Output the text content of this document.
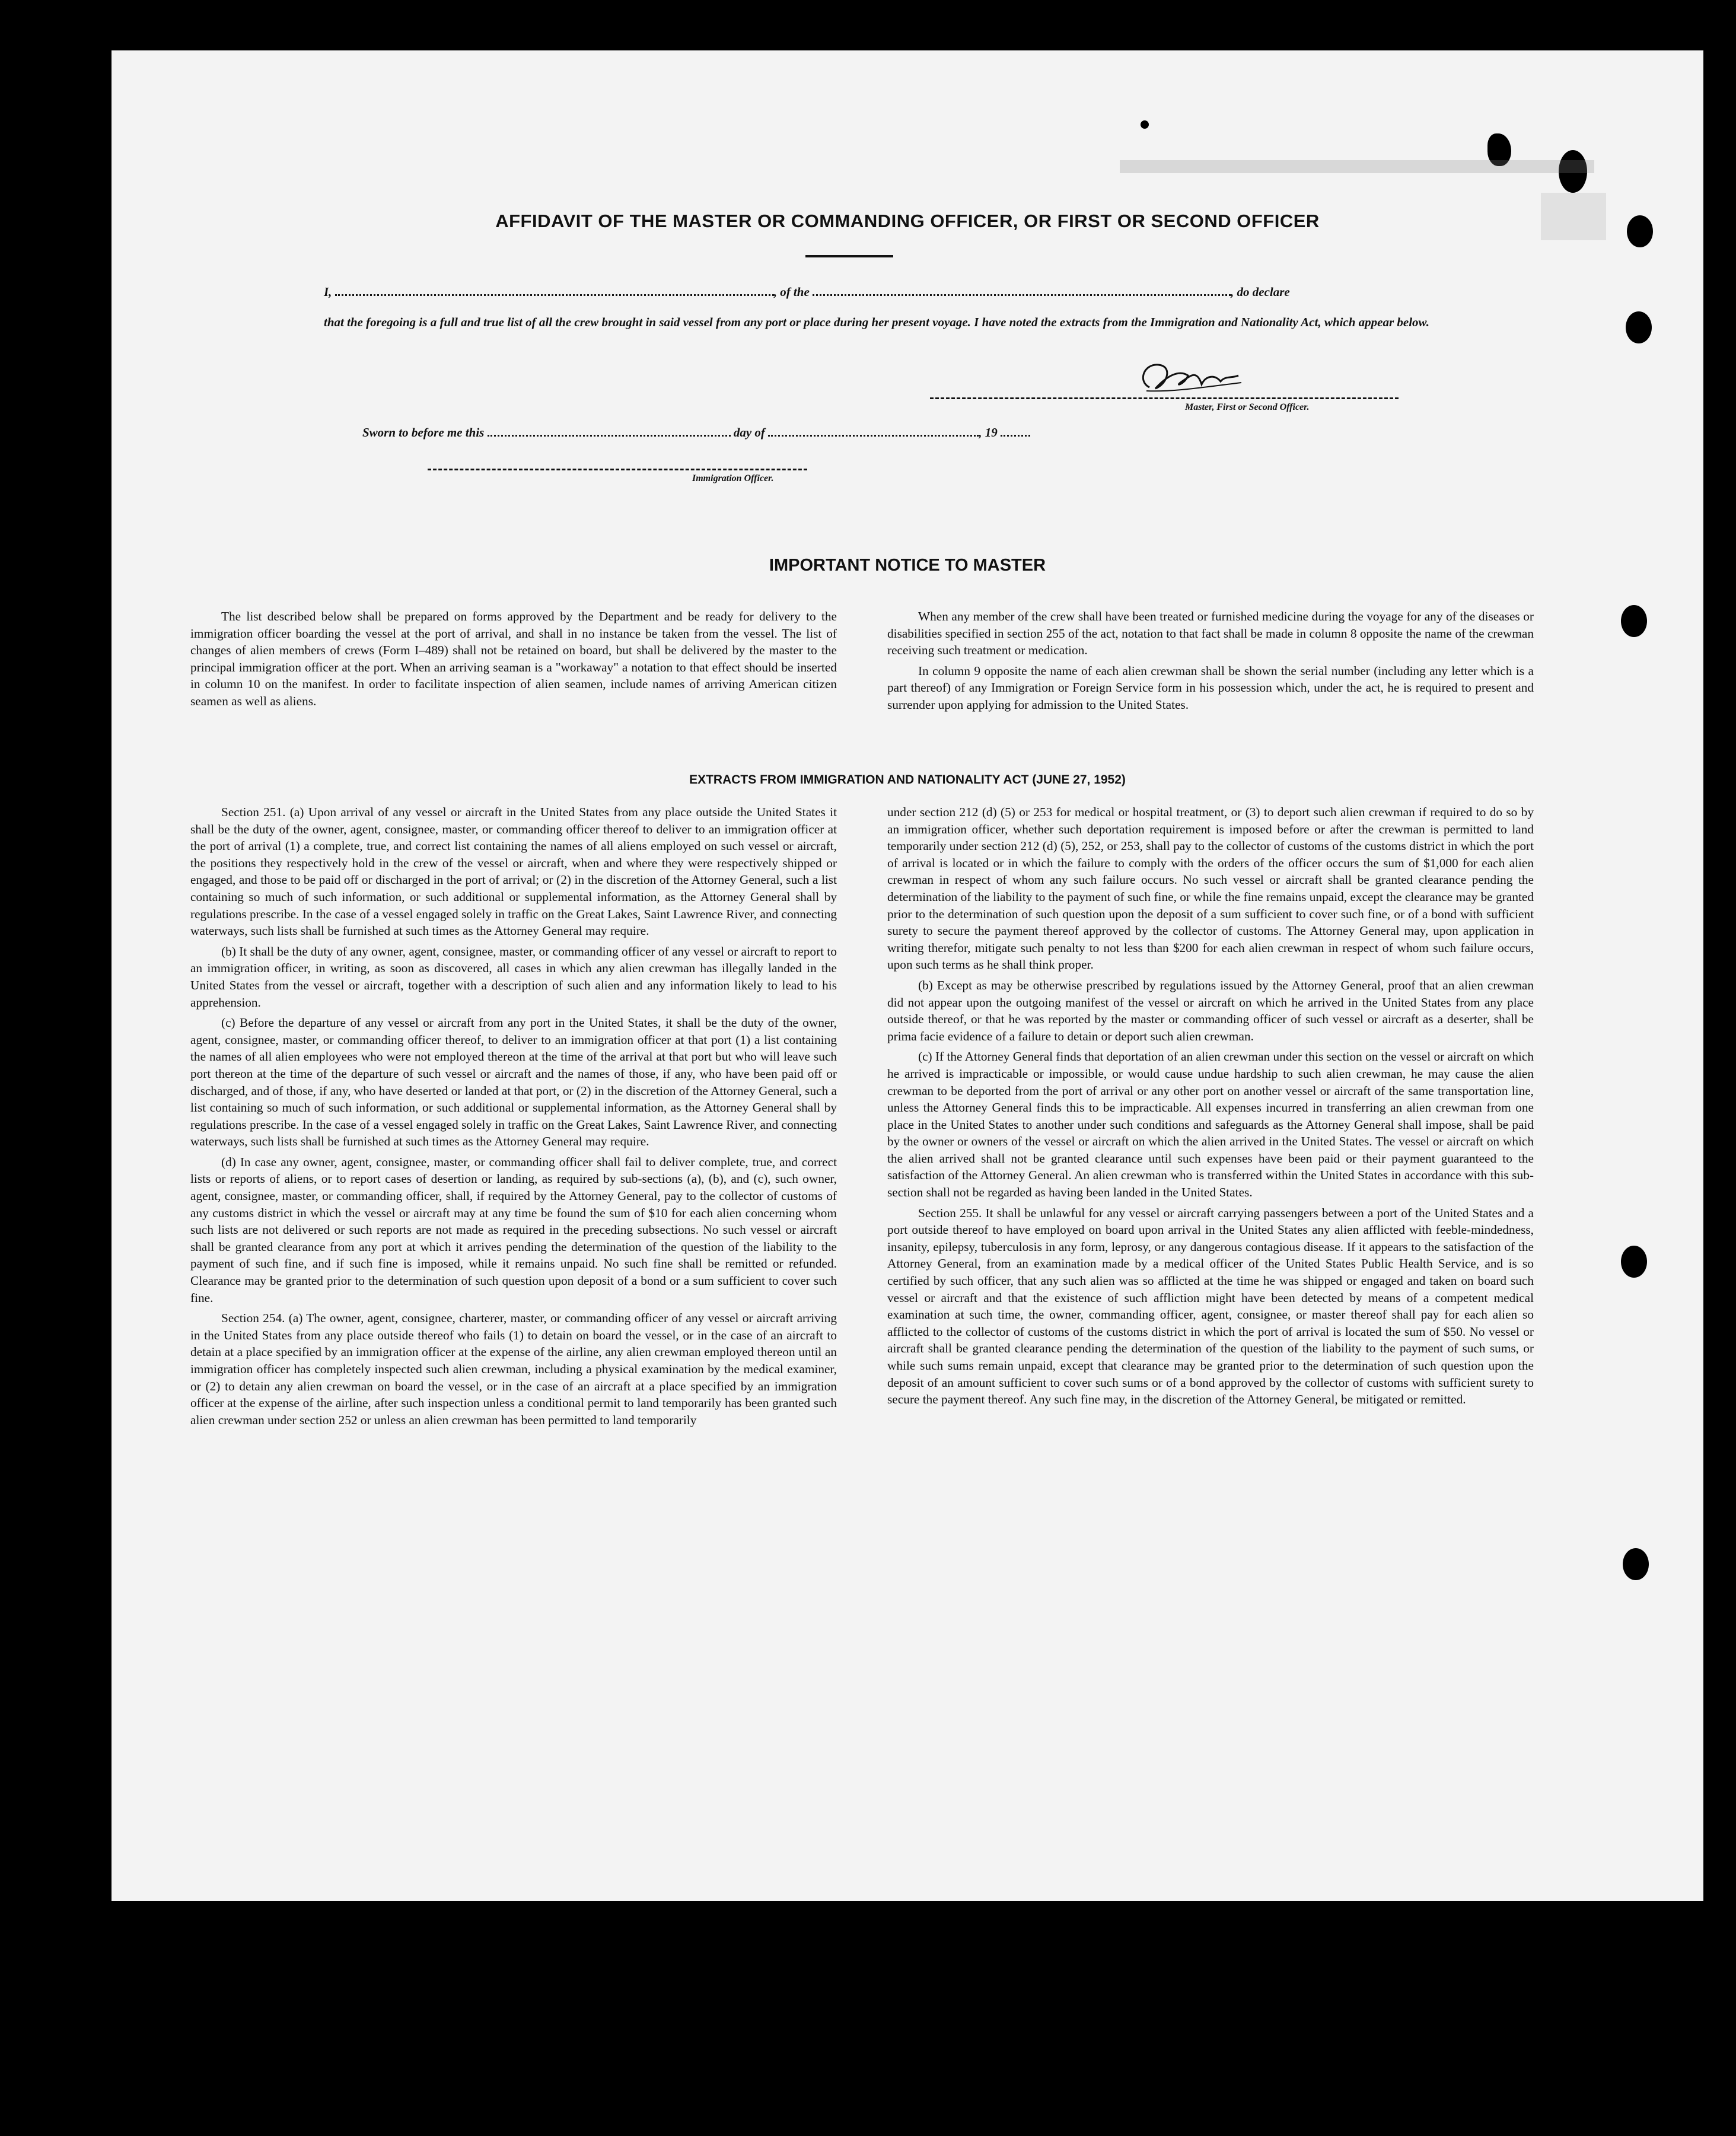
AFFIDAVIT OF THE MASTER OR COMMANDING OFFICER, OR FIRST OR SECOND OFFICER
I,	, of the	, do declare
that the foregoing is a full and true list of all the crew brought in said vessel from any port or place during her present voyage. I have noted the extracts from the Immigration and Nationality Act, which appear below.
Master, First or Second Officer.
Sworn to before me this	day of	, 19
Immigration Officer.
IMPORTANT NOTICE TO MASTER

The list described below shall be prepared on forms approved by the Department and be ready for delivery to the immigration officer boarding the vessel at the port of arrival, and shall in no instance be taken from the vessel. The list of changes of alien members of crews (Form I–489) shall not be retained on board, but shall be delivered by the master to the principal immigration officer at the port. When an arriving seaman is a "workaway" a notation to that effect should be inserted in column 10 on the manifest. In order to facilitate inspection of alien seamen, include names of arriving American citizen seamen as well as aliens.

When any member of the crew shall have been treated or furnished medicine during the voyage for any of the diseases or disabilities specified in section 255 of the act, notation to that fact shall be made in column 8 opposite the name of the crewman receiving such treatment or medication.

In column 9 opposite the name of each alien crewman shall be shown the serial number (including any letter which is a part thereof) of any Immigration or Foreign Service form in his possession which, under the act, he is required to present and surrender upon applying for admission to the United States.

EXTRACTS FROM IMMIGRATION AND NATIONALITY ACT (JUNE 27, 1952)

Section 251. (a) Upon arrival of any vessel or aircraft in the United States from any place outside the United States it shall be the duty of the owner, agent, consignee, master, or commanding officer thereof to deliver to an immigration officer at the port of arrival (1) a complete, true, and correct list containing the names of all aliens employed on such vessel or aircraft, the positions they respectively hold in the crew of the vessel or aircraft, when and where they were respectively shipped or engaged, and those to be paid off or discharged in the port of arrival; or (2) in the discretion of the Attorney General, such a list containing so much of such information, or such additional or supplemental information, as the Attorney General shall by regulations prescribe. In the case of a vessel engaged solely in traffic on the Great Lakes, Saint Lawrence River, and connecting waterways, such lists shall be furnished at such times as the Attorney General may require.

(b) It shall be the duty of any owner, agent, consignee, master, or commanding officer of any vessel or aircraft to report to an immigration officer, in writing, as soon as discovered, all cases in which any alien crewman has illegally landed in the United States from the vessel or aircraft, together with a description of such alien and any information likely to lead to his apprehension.

(c) Before the departure of any vessel or aircraft from any port in the United States, it shall be the duty of the owner, agent, consignee, master, or commanding officer thereof, to deliver to an immigration officer at that port (1) a list containing the names of all alien employees who were not employed thereon at the time of the arrival at that port but who will leave such port thereon at the time of the departure of such vessel or aircraft and the names of those, if any, who have been paid off or discharged, and of those, if any, who have deserted or landed at that port, or (2) in the discretion of the Attorney General, such a list containing so much of such information, or such additional or supplemental information, as the Attorney General shall by regulations prescribe. In the case of a vessel engaged solely in traffic on the Great Lakes, Saint Lawrence River, and connecting waterways, such lists shall be furnished at such times as the Attorney General may require.

(d) In case any owner, agent, consignee, master, or commanding officer shall fail to deliver complete, true, and correct lists or reports of aliens, or to report cases of desertion or landing, as required by sub-sections (a), (b), and (c), such owner, agent, consignee, master, or commanding officer, shall, if required by the Attorney General, pay to the collector of customs of any customs district in which the vessel or aircraft may at any time be found the sum of $10 for each alien concerning whom such lists are not delivered or such reports are not made as required in the preceding subsections. No such vessel or aircraft shall be granted clearance from any port at which it arrives pending the determination of the question of the liability to the payment of such fine, and if such fine is imposed, while it remains unpaid. No such fine shall be remitted or refunded. Clearance may be granted prior to the determination of such question upon deposit of a bond or a sum sufficient to cover such fine.

Section 254. (a) The owner, agent, consignee, charterer, master, or commanding officer of any vessel or aircraft arriving in the United States from any place outside thereof who fails (1) to detain on board the vessel, or in the case of an aircraft to detain at a place specified by an immigration officer at the expense of the airline, any alien crewman employed thereon until an immigration officer has completely inspected such alien crewman, including a physical examination by the medical examiner, or (2) to detain any alien crewman on board the vessel, or in the case of an aircraft at a place specified by an immigration officer at the expense of the airline, after such inspection unless a conditional permit to land temporarily has been granted such alien crewman under section 252 or unless an alien crewman has been permitted to land temporarily

under section 212 (d) (5) or 253 for medical or hospital treatment, or (3) to deport such alien crewman if required to do so by an immigration officer, whether such deportation requirement is imposed before or after the crewman is permitted to land temporarily under section 212 (d) (5), 252, or 253, shall pay to the collector of customs of the customs district in which the port of arrival is located or in which the failure to comply with the orders of the officer occurs the sum of $1,000 for each alien crewman in respect of whom any such failure occurs. No such vessel or aircraft shall be granted clearance pending the determination of the liability to the payment of such fine, or while the fine remains unpaid, except the clearance may be granted prior to the determination of such question upon the deposit of a sum sufficient to cover such fine, or of a bond with sufficient surety to secure the payment thereof approved by the collector of customs. The Attorney General may, upon application in writing therefor, mitigate such penalty to not less than $200 for each alien crewman in respect of whom such failure occurs, upon such terms as he shall think proper.

(b) Except as may be otherwise prescribed by regulations issued by the Attorney General, proof that an alien crewman did not appear upon the outgoing manifest of the vessel or aircraft on which he arrived in the United States from any place outside thereof, or that he was reported by the master or commanding officer of such vessel or aircraft as a deserter, shall be prima facie evidence of a failure to detain or deport such alien crewman.

(c) If the Attorney General finds that deportation of an alien crewman under this section on the vessel or aircraft on which he arrived is impracticable or impossible, or would cause undue hardship to such alien crewman, he may cause the alien crewman to be deported from the port of arrival or any other port on another vessel or aircraft of the same transportation line, unless the Attorney General finds this to be impracticable. All expenses incurred in transferring an alien crewman from one place in the United States to another under such conditions and safeguards as the Attorney General shall impose, shall be paid by the owner or owners of the vessel or aircraft on which the alien arrived in the United States. The vessel or aircraft on which the alien arrived shall not be granted clearance until such expenses have been paid or their payment guaranteed to the satisfaction of the Attorney General. An alien crewman who is transferred within the United States in accordance with this sub-section shall not be regarded as having been landed in the United States.

Section 255. It shall be unlawful for any vessel or aircraft carrying passengers between a port of the United States and a port outside thereof to have employed on board upon arrival in the United States any alien afflicted with feeble-mindedness, insanity, epilepsy, tuberculosis in any form, leprosy, or any dangerous contagious disease. If it appears to the satisfaction of the Attorney General, from an examination made by a medical officer of the United States Public Health Service, and is so certified by such officer, that any such alien was so afflicted at the time he was shipped or engaged and taken on board such vessel or aircraft and that the existence of such affliction might have been detected by means of a competent medical examination at such time, the owner, commanding officer, agent, consignee, or master thereof shall pay for each alien so afflicted to the collector of customs of the customs district in which the port of arrival is located the sum of $50. No vessel or aircraft shall be granted clearance pending the determination of the question of the liability to the payment of such sums, or while such sums remain unpaid, except that clearance may be granted prior to the determination of such question upon the deposit of an amount sufficient to cover such sums or of a bond approved by the collector of customs with sufficient surety to secure the payment thereof. Any such fine may, in the discretion of the Attorney General, be mitigated or remitted.
